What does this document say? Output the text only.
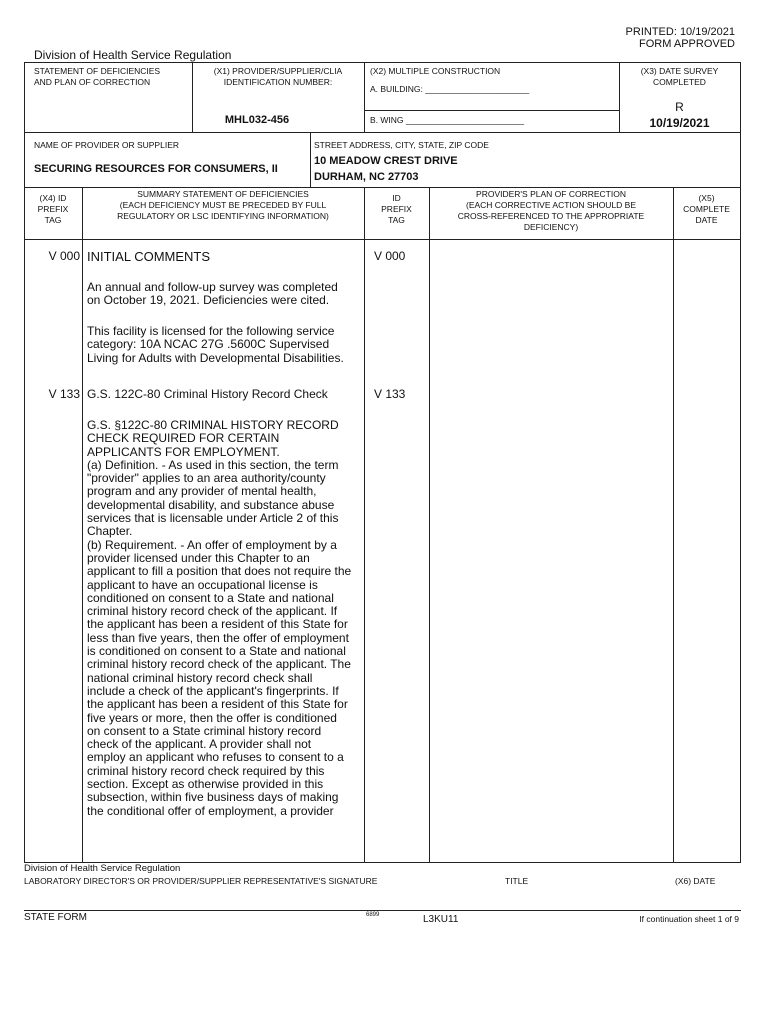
PRINTED: 10/19/2021
FORM APPROVED
Division of Health Service Regulation
STATEMENT OF DEFICIENCIES
AND PLAN OF CORRECTION
(X1) PROVIDER/SUPPLIER/CLIA
IDENTIFICATION NUMBER:
MHL032-456
(X2) MULTIPLE CONSTRUCTION
A. BUILDING: ______________________
B. WING _________________________
(X3) DATE SURVEY
COMPLETED
R
10/19/2021
NAME OF PROVIDER OR SUPPLIER
SECURING RESOURCES FOR CONSUMERS, II
STREET ADDRESS, CITY, STATE, ZIP CODE
10 MEADOW CREST DRIVE
DURHAM, NC 27703
(X4) ID
PREFIX
TAG
SUMMARY STATEMENT OF DEFICIENCIES
(EACH DEFICIENCY MUST BE PRECEDED BY FULL
REGULATORY OR LSC IDENTIFYING INFORMATION)
ID
PREFIX
TAG
PROVIDER'S PLAN OF CORRECTION
(EACH CORRECTIVE ACTION SHOULD BE
CROSS-REFERENCED TO THE APPROPRIATE
DEFICIENCY)
(X5)
COMPLETE
DATE
V 000	V 000
INITIAL COMMENTS
An annual and follow-up survey was completed
on October 19, 2021. Deficiencies were cited.
This facility is licensed for the following service
category: 10A NCAC 27G .5600C Supervised
Living for Adults with Developmental Disabilities.
V 133	V 133
G.S. 122C-80 Criminal History Record Check
G.S. §122C-80 CRIMINAL HISTORY RECORD
CHECK REQUIRED FOR CERTAIN
APPLICANTS FOR EMPLOYMENT.
(a) Definition. - As used in this section, the term
"provider" applies to an area authority/county
program and any provider of mental health,
developmental disability, and substance abuse
services that is licensable under Article 2 of this
Chapter.
(b) Requirement. - An offer of employment by a
provider licensed under this Chapter to an
applicant to fill a position that does not require the
applicant to have an occupational license is
conditioned on consent to a State and national
criminal history record check of the applicant. If
the applicant has been a resident of this State for
less than five years, then the offer of employment
is conditioned on consent to a State and national
criminal history record check of the applicant. The
national criminal history record check shall
include a check of the applicant's fingerprints. If
the applicant has been a resident of this State for
five years or more, then the offer is conditioned
on consent to a State criminal history record
check of the applicant. A provider shall not
employ an applicant who refuses to consent to a
criminal history record check required by this
section. Except as otherwise provided in this
subsection, within five business days of making
the conditional offer of employment, a provider
Division of Health Service Regulation
LABORATORY DIRECTOR'S OR PROVIDER/SUPPLIER REPRESENTATIVE'S SIGNATURE	TITLE	(X6) DATE
STATE FORM	6899	L3KU11	If continuation sheet 1 of 9
